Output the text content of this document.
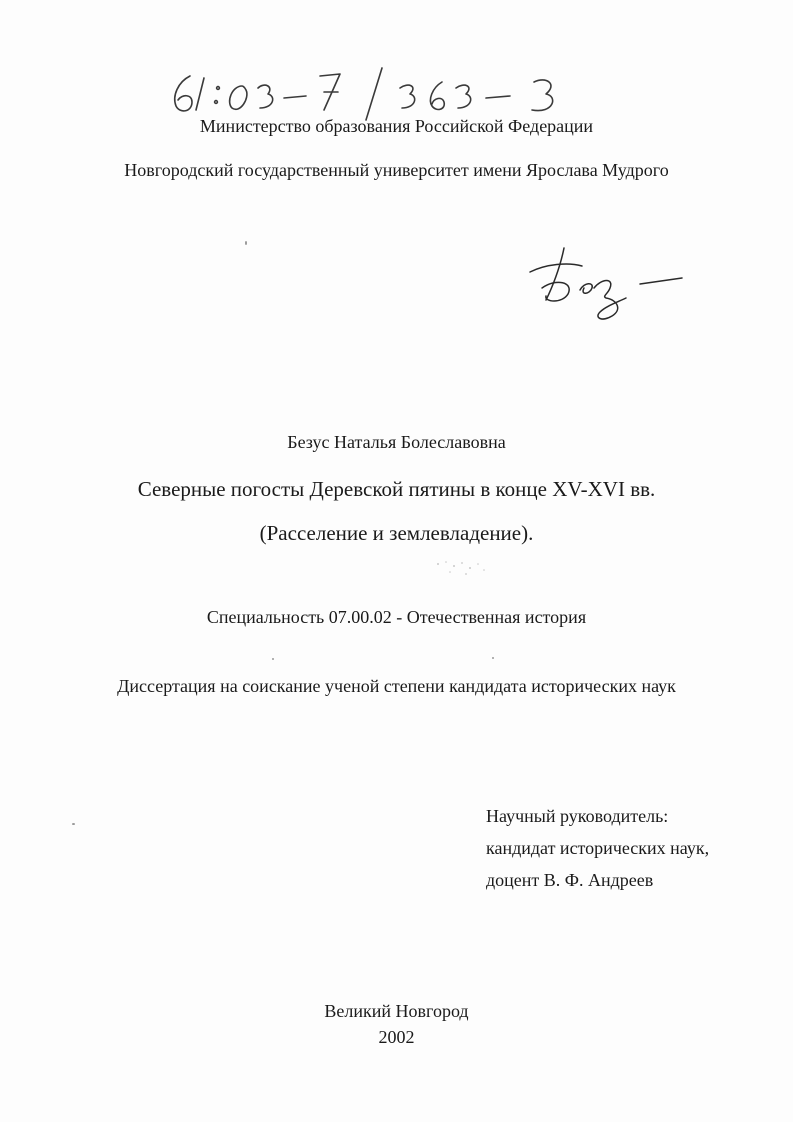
Министерство образования Российской Федерации
Новгородский государственный университет имени Ярослава Мудрого
Безус Наталья Болеславовна
Северные погосты Деревской пятины в конце XV-XVI вв.
(Расселение и землевладение).
Специальность 07.00.02 - Отечественная история
Диссертация на соискание ученой степени кандидата исторических наук
Научный руководитель:
кандидат исторических наук,
доцент В. Ф. Андреев
Великий Новгород
2002
